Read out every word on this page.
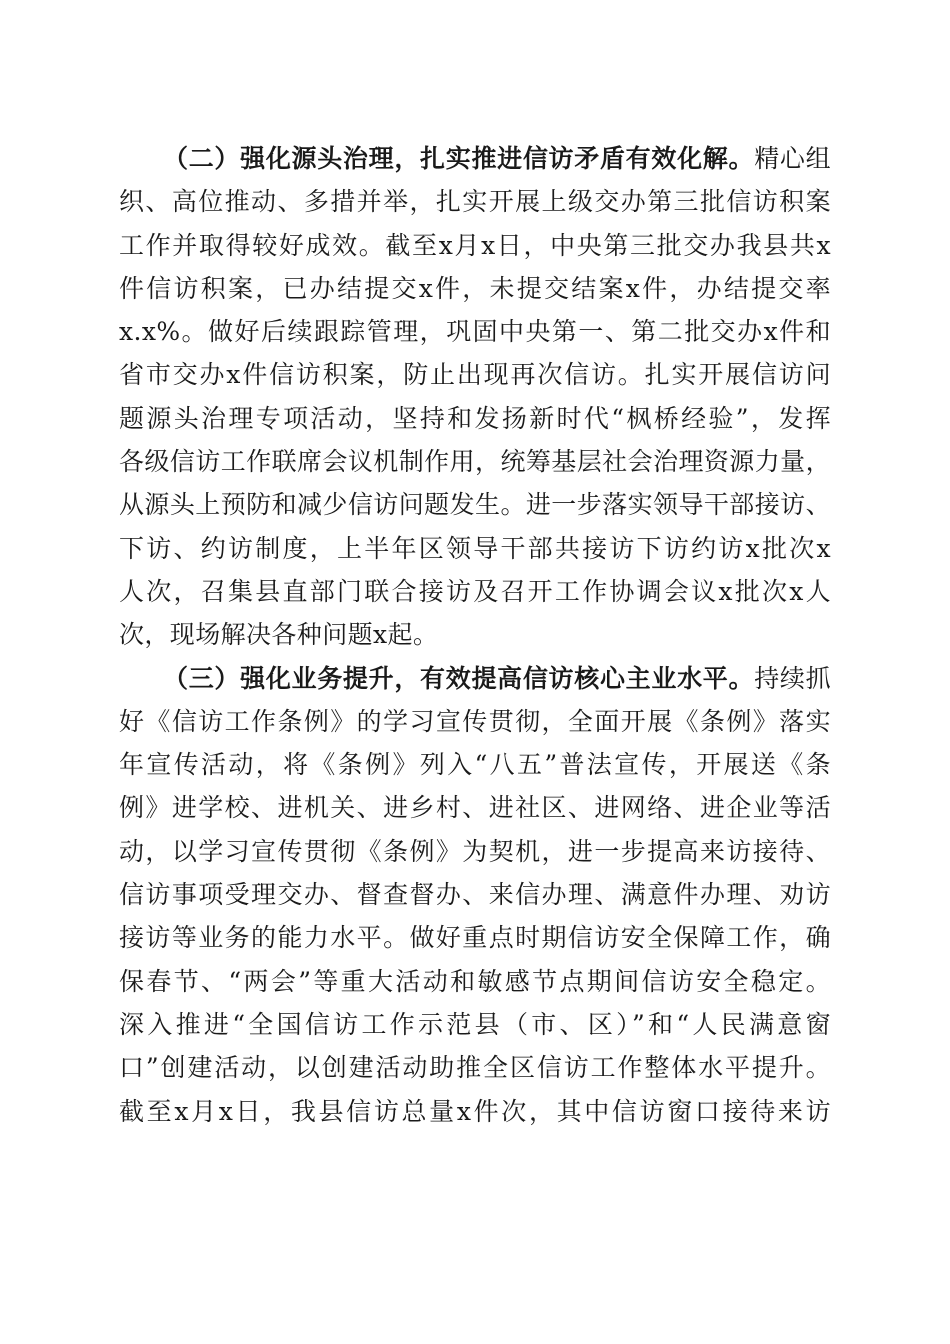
（二）强化源头治理，扎实推进信访矛盾有效化解。精心组
织、高位推动、多措并举，扎实开展上级交办第三批信访积案
工作并取得较好成效。截至x月x日，中央第三批交办我县共x
件信访积案，已办结提交x件，未提交结案x件，办结提交率
x.x%。做好后续跟踪管理，巩固中央第一、第二批交办x件和
省市交办x件信访积案，防止出现再次信访。扎实开展信访问
题源头治理专项活动，坚持和发扬新时代“枫桥经验”，发挥
各级信访工作联席会议机制作用，统筹基层社会治理资源力量，
从源头上预防和减少信访问题发生。进一步落实领导干部接访、
下访、约访制度，上半年区领导干部共接访下访约访x批次x
人次，召集县直部门联合接访及召开工作协调会议x批次x人
次，现场解决各种问题x起。
（三）强化业务提升，有效提高信访核心主业水平。持续抓
好《信访工作条例》的学习宣传贯彻，全面开展《条例》落实
年宣传活动，将《条例》列入“八五”普法宣传，开展送《条
例》进学校、进机关、进乡村、进社区、进网络、进企业等活
动，以学习宣传贯彻《条例》为契机，进一步提高来访接待、
信访事项受理交办、督查督办、来信办理、满意件办理、劝访
接访等业务的能力水平。做好重点时期信访安全保障工作，确
保春节、“两会”等重大活动和敏感节点期间信访安全稳定。
深入推进“全国信访工作示范县（市、区）”和“人民满意窗
口”创建活动，以创建活动助推全区信访工作整体水平提升。
截至x月x日，我县信访总量x件次，其中信访窗口接待来访
